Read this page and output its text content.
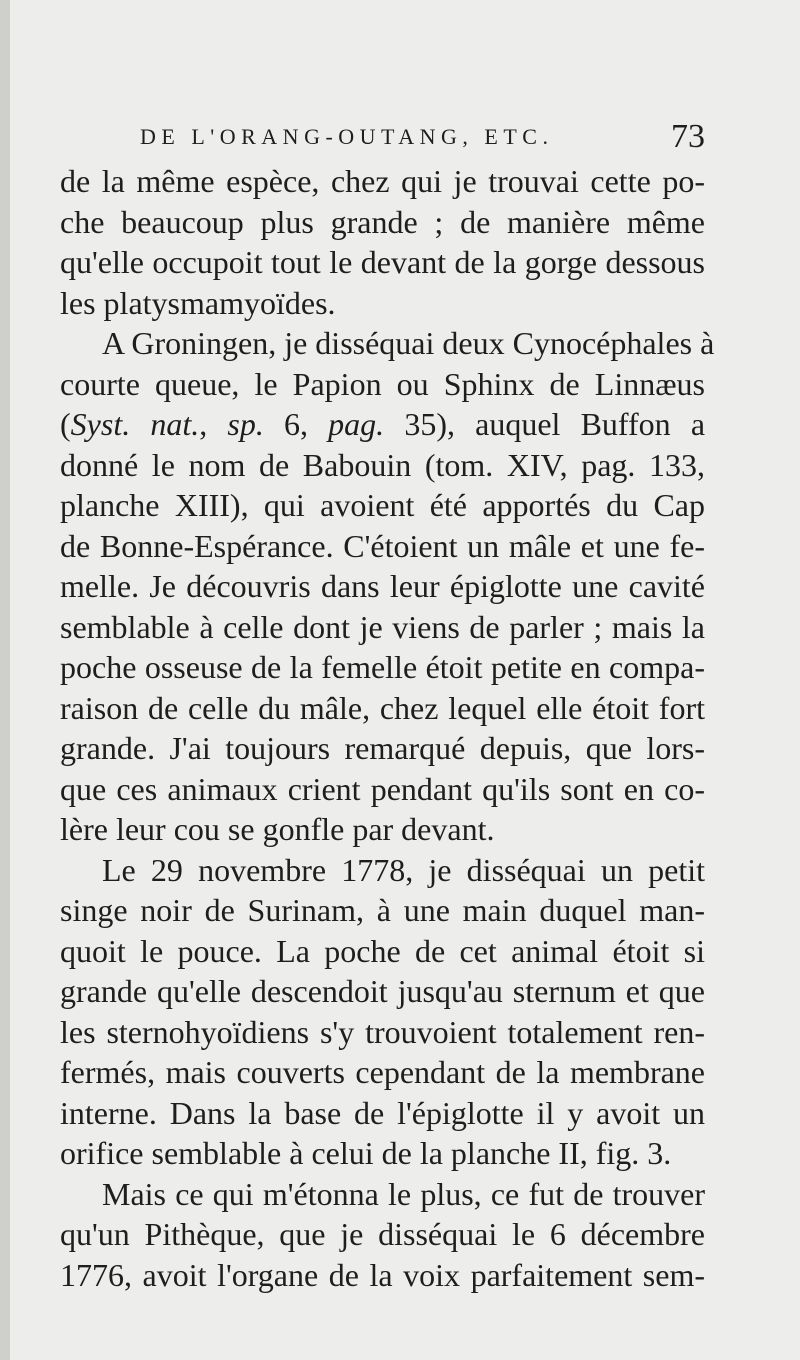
DE L'ORANG-OUTANG, ETC.	73

de la même espèce, chez qui je trouvai cette po-
che beaucoup plus grande ; de manière même
qu'elle occupoit tout le devant de la gorge dessous
les platysmamyoïdes.

A Groningen, je disséquai deux Cynocéphales à
courte queue, le Papion ou Sphinx de Linnæus
(Syst. nat., sp. 6, pag. 35), auquel Buffon a
donné le nom de Babouin (tom. XIV, pag. 133,
planche XIII), qui avoient été apportés du Cap
de Bonne-Espérance. C'étoient un mâle et une fe-
melle. Je découvris dans leur épiglotte une cavité
semblable à celle dont je viens de parler ; mais la
poche osseuse de la femelle étoit petite en compa-
raison de celle du mâle, chez lequel elle étoit fort
grande. J'ai toujours remarqué depuis, que lors-
que ces animaux crient pendant qu'ils sont en co-
lère leur cou se gonfle par devant.

Le 29 novembre 1778, je disséquai un petit
singe noir de Surinam, à une main duquel man-
quoit le pouce. La poche de cet animal étoit si
grande qu'elle descendoit jusqu'au sternum et que
les sternohyoïdiens s'y trouvoient totalement ren-
fermés, mais couverts cependant de la membrane
interne. Dans la base de l'épiglotte il y avoit un
orifice semblable à celui de la planche II, fig. 3.

Mais ce qui m'étonna le plus, ce fut de trouver
qu'un Pithèque, que je disséquai le 6 décembre
1776, avoit l'organe de la voix parfaitement sem-
